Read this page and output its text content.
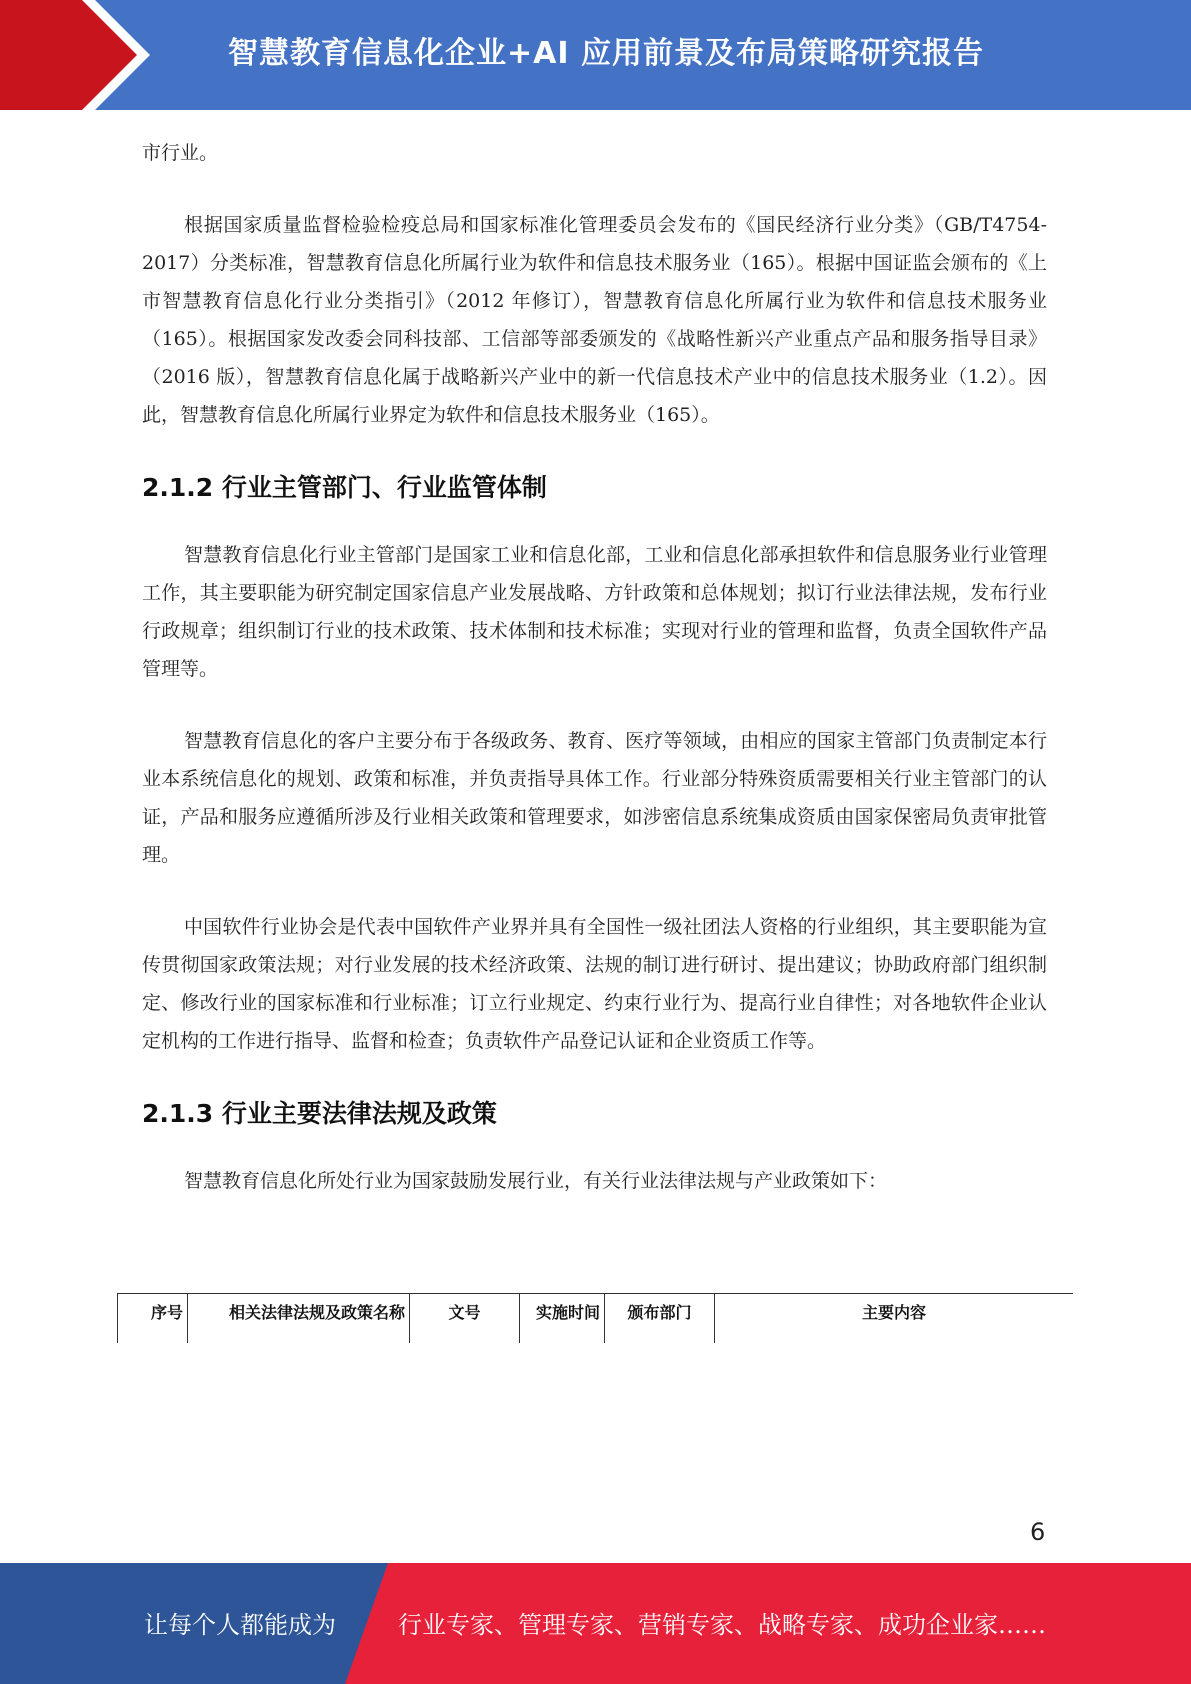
智慧教育信息化企业+AI 应用前景及布局策略研究报告

市行业。

根据国家质量监督检验检疫总局和国家标准化管理委员会发布的《国民经济行业分类》（GB/T4754-2017）分类标准，智慧教育信息化所属行业为软件和信息技术服务业（165）。根据中国证监会颁布的《上市智慧教育信息化行业分类指引》（2012 年修订），智慧教育信息化所属行业为软件和信息技术服务业（165）。根据国家发改委会同科技部、工信部等部委颁发的《战略性新兴产业重点产品和服务指导目录》（2016 版），智慧教育信息化属于战略新兴产业中的新一代信息技术产业中的信息技术服务业（1.2）。因此，智慧教育信息化所属行业界定为软件和信息技术服务业（165）。

2.1.2 行业主管部门、行业监管体制

智慧教育信息化行业主管部门是国家工业和信息化部，工业和信息化部承担软件和信息服务业行业管理工作，其主要职能为研究制定国家信息产业发展战略、方针政策和总体规划；拟订行业法律法规，发布行业行政规章；组织制订行业的技术政策、技术体制和技术标准；实现对行业的管理和监督，负责全国软件产品管理等。

智慧教育信息化的客户主要分布于各级政务、教育、医疗等领域，由相应的国家主管部门负责制定本行业本系统信息化的规划、政策和标准，并负责指导具体工作。行业部分特殊资质需要相关行业主管部门的认证，产品和服务应遵循所涉及行业相关政策和管理要求，如涉密信息系统集成资质由国家保密局负责审批管理。

中国软件行业协会是代表中国软件产业界并具有全国性一级社团法人资格的行业组织，其主要职能为宣传贯彻国家政策法规；对行业发展的技术经济政策、法规的制订进行研讨、提出建议；协助政府部门组织制定、修改行业的国家标准和行业标准；订立行业规定、约束行业行为、提高行业自律性；对各地软件企业认定机构的工作进行指导、监督和检查；负责软件产品登记认证和企业资质工作等。

2.1.3 行业主要法律法规及政策

智慧教育信息化所处行业为国家鼓励发展行业，有关行业法律法规与产业政策如下：

序号	相关法律法规及政策名称	文号	实施时间	颁布部门	主要内容
6
让每个人都能成为	行业专家、管理专家、营销专家、战略专家、成功企业家……
